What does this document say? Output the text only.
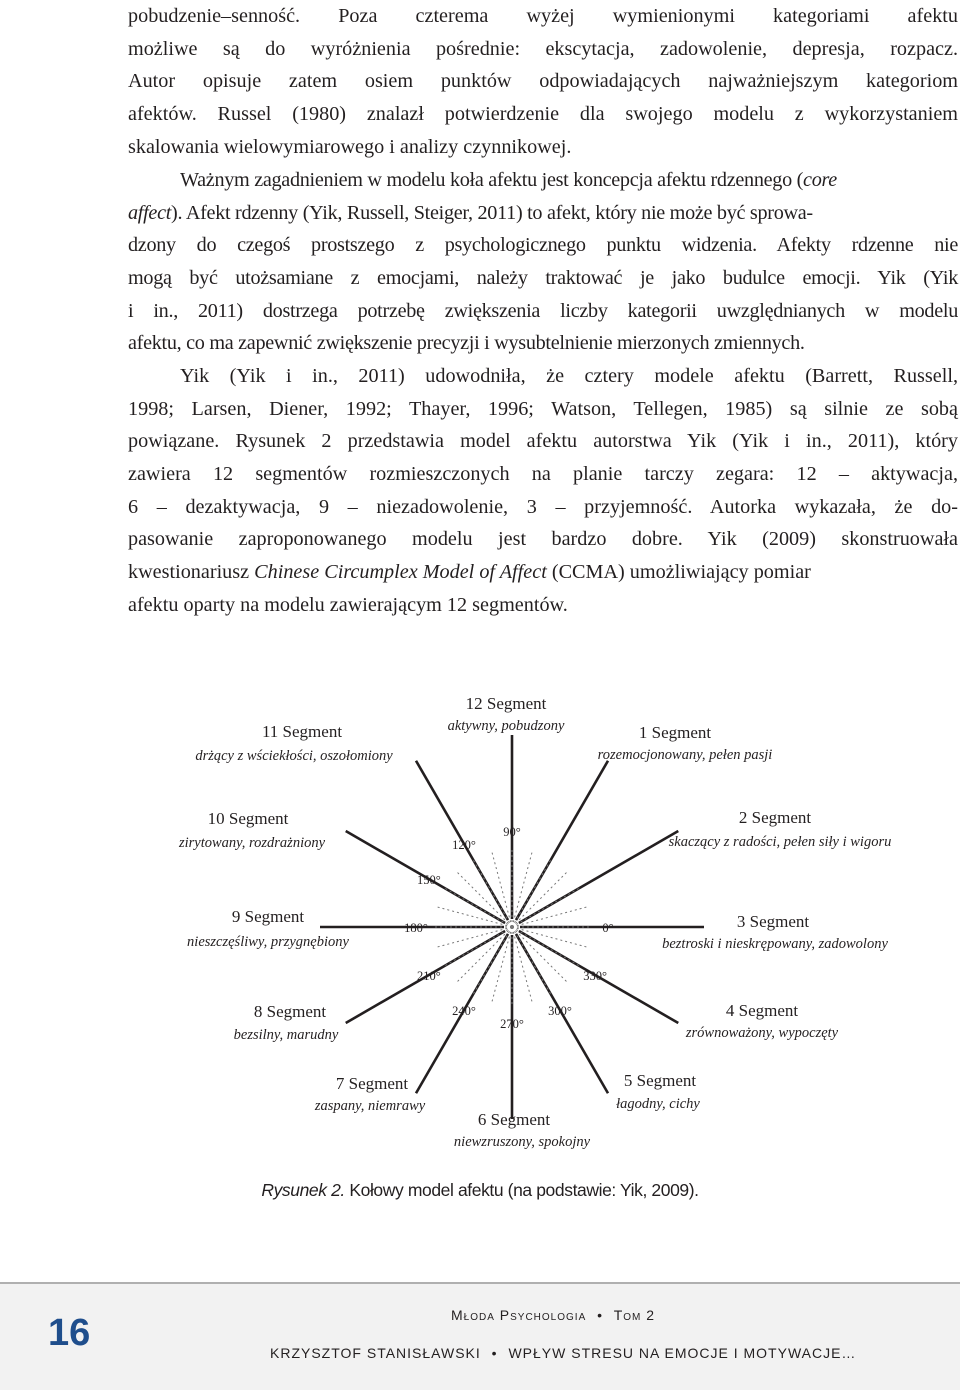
pobudzenie–senność. Poza czterema wyżej wymienionymi kategoriami afektu
możliwe są do wyróżnienia pośrednie: ekscytacja, zadowolenie, depresja, rozpacz.
Autor opisuje zatem osiem punktów odpowiadających najważniejszym kategoriom
afektów. Russel (1980) znalazł potwierdzenie dla swojego modelu z wykorzystaniem
skalowania wielowymiarowego i analizy czynnikowej.
Ważnym zagadnieniem w modelu koła afektu jest koncepcja afektu rdzennego (core
affect). Afekt rdzenny (Yik, Russell, Steiger, 2011) to afekt, który nie może być sprowa-
dzony do czegoś prostszego z psychologicznego punktu widzenia. Afekty rdzenne nie
mogą być utożsamiane z emocjami, należy traktować je jako budulce emocji. Yik (Yik
i in., 2011) dostrzega potrzebę zwiększenia liczby kategorii uwzględnianych w modelu
afektu, co ma zapewnić zwiększenie precyzji i wysubtelnienie mierzonych zmiennych.
Yik (Yik i in., 2011) udowodniła, że cztery modele afektu (Barrett, Russell,
1998; Larsen, Diener, 1992; Thayer, 1996; Watson, Tellegen, 1985) są silnie ze sobą
powiązane. Rysunek 2 przedstawia model afektu autorstwa Yik (Yik i in., 2011), który
zawiera 12 segmentów rozmieszczonych na planie tarczy zegara: 12 – aktywacja,
6 – dezaktywacja, 9 – niezadowolenie, 3 – przyjemność. Autorka wykazała, że do-
pasowanie zaproponowanego modelu jest bardzo dobre. Yik (2009) skonstruowała
kwestionariusz Chinese Circumplex Model of Affect (CCMA) umożliwiający pomiar
afektu oparty na modelu zawierającym 12 segmentów.
90°
120°
150°
180°
210°
240°
270°
300°
330°
0°
12 Segment
aktywny, pobudzony	1 Segment
rozemocjonowany, pełen pasji
2 Segment
skaczący z radości, pełen siły i wigoru
3 Segment
beztroski i nieskrępowany, zadowolony
4 Segment
zrównoważony, wypoczęty
5 Segment
łagodny, cichy
6 Segment
niewzruszony, spokojny
7 Segment
zaspany, niemrawy
8 Segment
bezsilny, marudny
9 Segment
nieszczęśliwy, przygnębiony
10 Segment
zirytowany, rozdrażniony
11 Segment
drżący z wściekłości, oszołomiony
Rysunek 2. Kołowy model afektu (na podstawie: Yik, 2009).
16	Młoda Psychologia • Tom 2
KRZYSZTOF STANISŁAWSKI • WPŁYW STRESU NA EMOCJE I MOTYWACJE…
